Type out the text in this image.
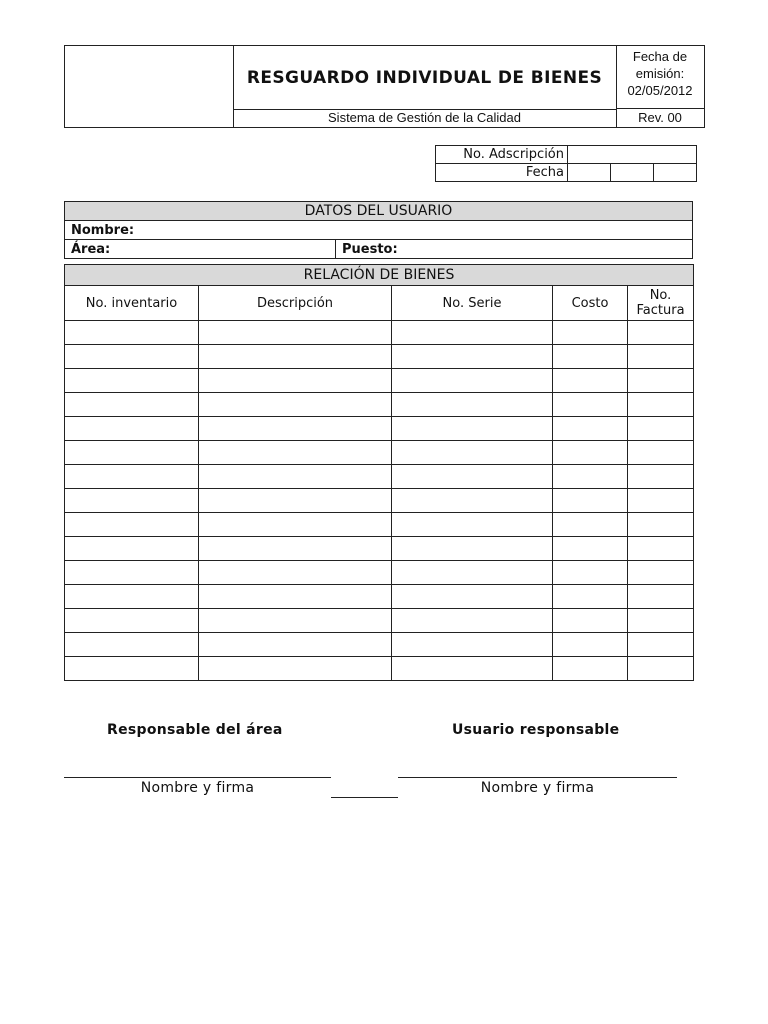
RESGUARDO INDIVIDUAL DE BIENES
Fecha de
emisión:
02/05/2012
Sistema de Gestión de la Calidad	Rev. 00
No. Adscripción			
Fecha			
DATOS DEL USUARIO
Nombre:
Área:	Puesto:
RELACIÓN DE BIENES				
No. inventario	Descripción	No. Serie	Costo	No. Factura

Responsable del área	Usuario responsable
Nombre y firma	Nombre y firma
